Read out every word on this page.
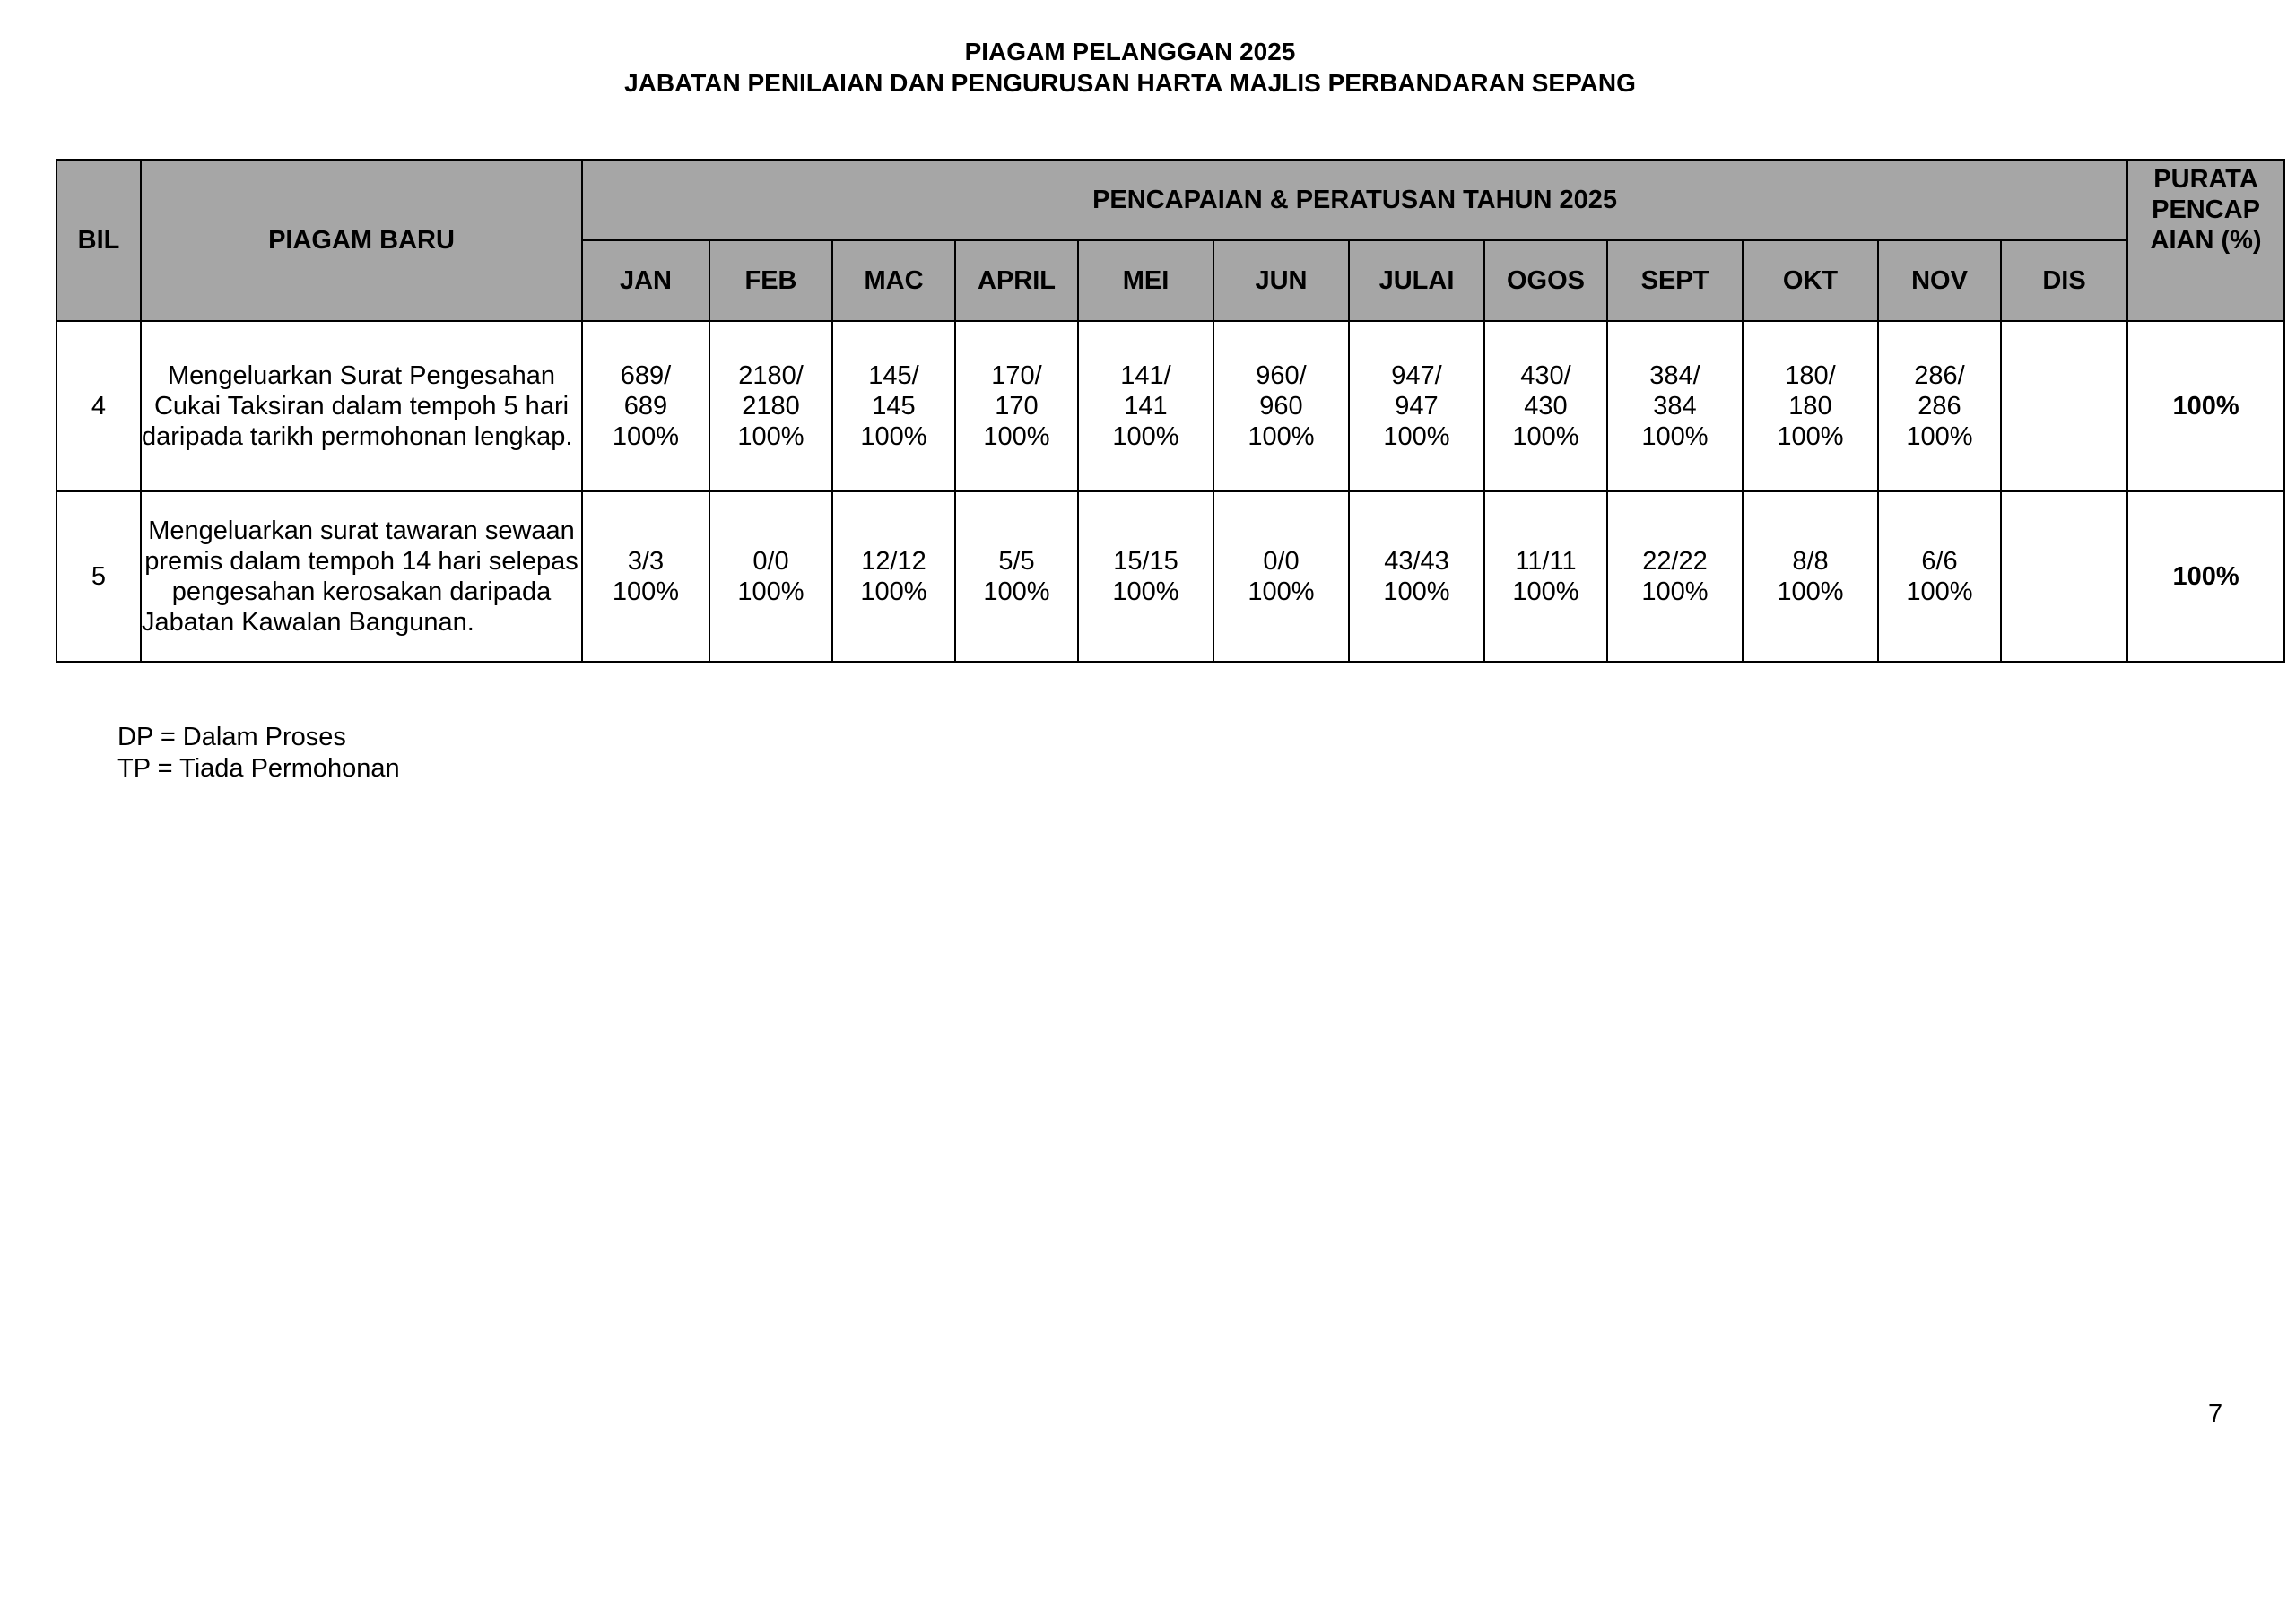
PIAGAM PELANGGAN 2025
JABATAN PENILAIAN DAN PENGURUSAN HARTA MAJLIS PERBANDARAN SEPANG
BIL	PIAGAM BARU	PENCAPAIAN & PERATUSAN TAHUN 2025												PURATA PENCAP AIAN (%)
		JAN	FEB	MAC	APRIL	MEI	JUN	JULAI	OGOS	SEPT	OKT	NOV	DIS	
4	Mengeluarkan Surat Pengesahan Cukai Taksiran dalam tempoh 5 hari daripada tarikh permohonan lengkap.	689/
689
100%	2180/
2180
100%	145/
145
100%	170/
170
100%	141/
141
100%	960/
960
100%	947/
947
100%	430/
430
100%	384/
384
100%	180/
180
100%	286/
286
100%		100%
5	Mengeluarkan surat tawaran sewaan premis dalam tempoh 14 hari selepas pengesahan kerosakan daripada Jabatan Kawalan Bangunan.	3/3
100%	0/0
100%	12/12
100%	5/5
100%	15/15
100%	0/0
100%	43/43
100%	11/11
100%	22/22
100%	8/8
100%	6/6
100%		100%
DP = Dalam Proses
TP = Tiada Permohonan
7
